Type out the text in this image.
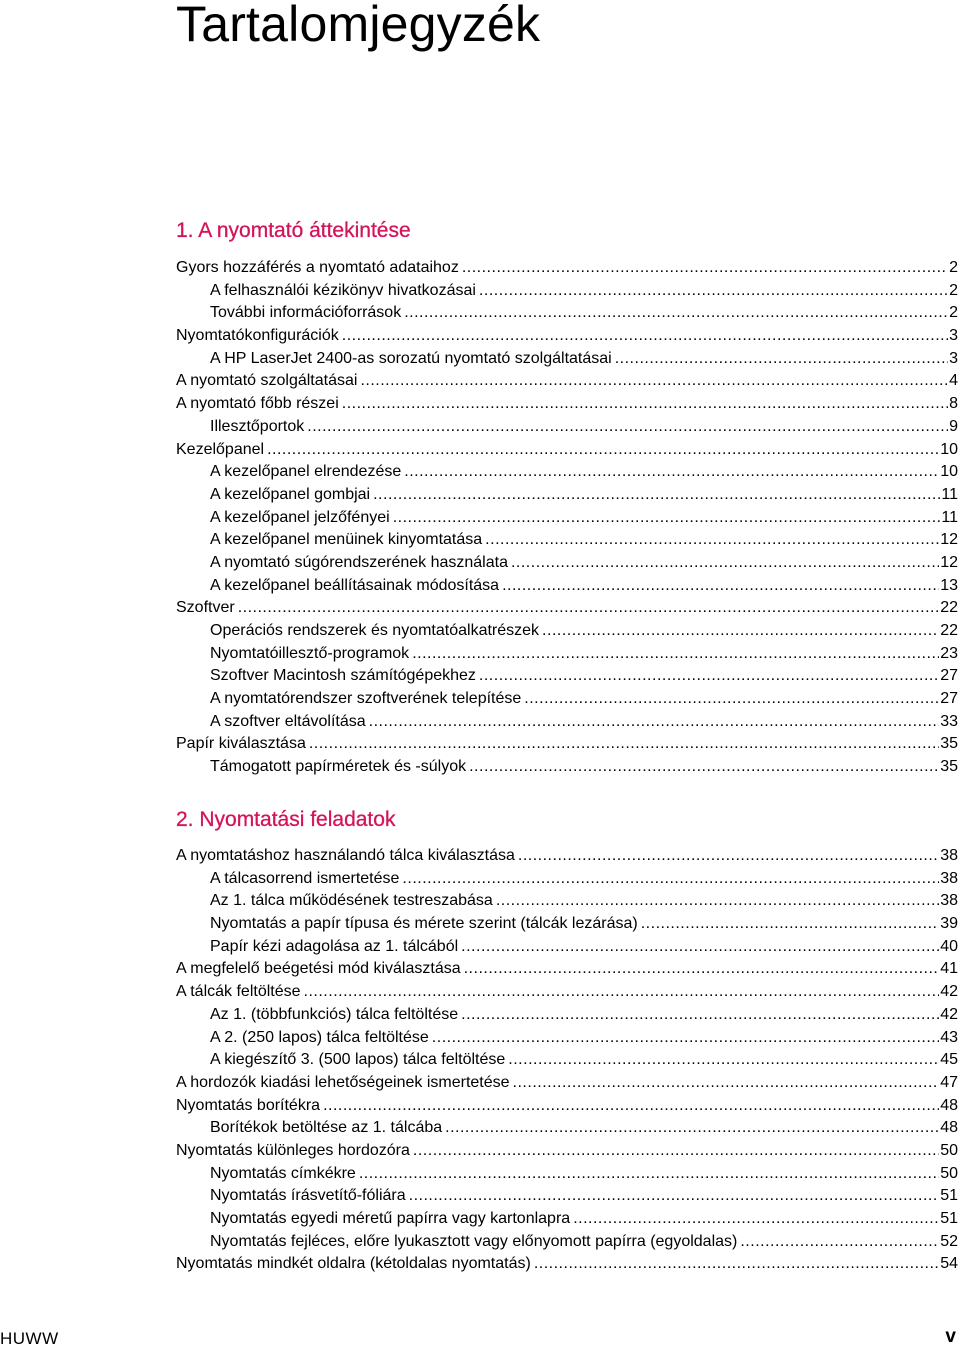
Tartalomjegyzék
1. A nyomtató áttekintése
Gyors hozzáférés a nyomtató adataihoz .....	2
A felhasználói kézikönyv hivatkozásai .....	2
További információforrások .....	2
Nyomtatókonfigurációk .....	3
A HP LaserJet 2400-as sorozatú nyomtató szolgáltatásai .....	3
A nyomtató szolgáltatásai .....	4
A nyomtató főbb részei .....	8
Illesztőportok .....	9
Kezelőpanel .....	10
A kezelőpanel elrendezése .....	10
A kezelőpanel gombjai .....	11
A kezelőpanel jelzőfényei .....	11
A kezelőpanel menüinek kinyomtatása .....	12
A nyomtató súgórendszerének használata .....	12
A kezelőpanel beállításainak módosítása .....	13
Szoftver .....	22
Operációs rendszerek és nyomtatóalkatrészek .....	22
Nyomtatóillesztő-programok .....	23
Szoftver Macintosh számítógépekhez .....	27
A nyomtatórendszer szoftverének telepítése .....	27
A szoftver eltávolítása .....	33
Papír kiválasztása .....	35
Támogatott papírméretek és -súlyok .....	35
2. Nyomtatási feladatok
A nyomtatáshoz használandó tálca kiválasztása .....	38
A tálcasorrend ismertetése .....	38
Az 1. tálca működésének testreszabása .....	38
Nyomtatás a papír típusa és mérete szerint (tálcák lezárása) .....	39
Papír kézi adagolása az 1. tálcából .....	40
A megfelelő beégetési mód kiválasztása .....	41
A tálcák feltöltése .....	42
Az 1. (többfunkciós) tálca feltöltése .....	42
A 2. (250 lapos) tálca feltöltése .....	43
A kiegészítő 3. (500 lapos) tálca feltöltése .....	45
A hordozók kiadási lehetőségeinek ismertetése .....	47
Nyomtatás borítékra .....	48
Borítékok betöltése az 1. tálcába .....	48
Nyomtatás különleges hordozóra .....	50
Nyomtatás címkékre .....	50
Nyomtatás írásvetítő-fóliára .....	51
Nyomtatás egyedi méretű papírra vagy kartonlapra .....	51
Nyomtatás fejléces, előre lyukasztott vagy előnyomott papírra (egyoldalas) .....	52
Nyomtatás mindkét oldalra (kétoldalas nyomtatás) .....	54
HUWW	v
